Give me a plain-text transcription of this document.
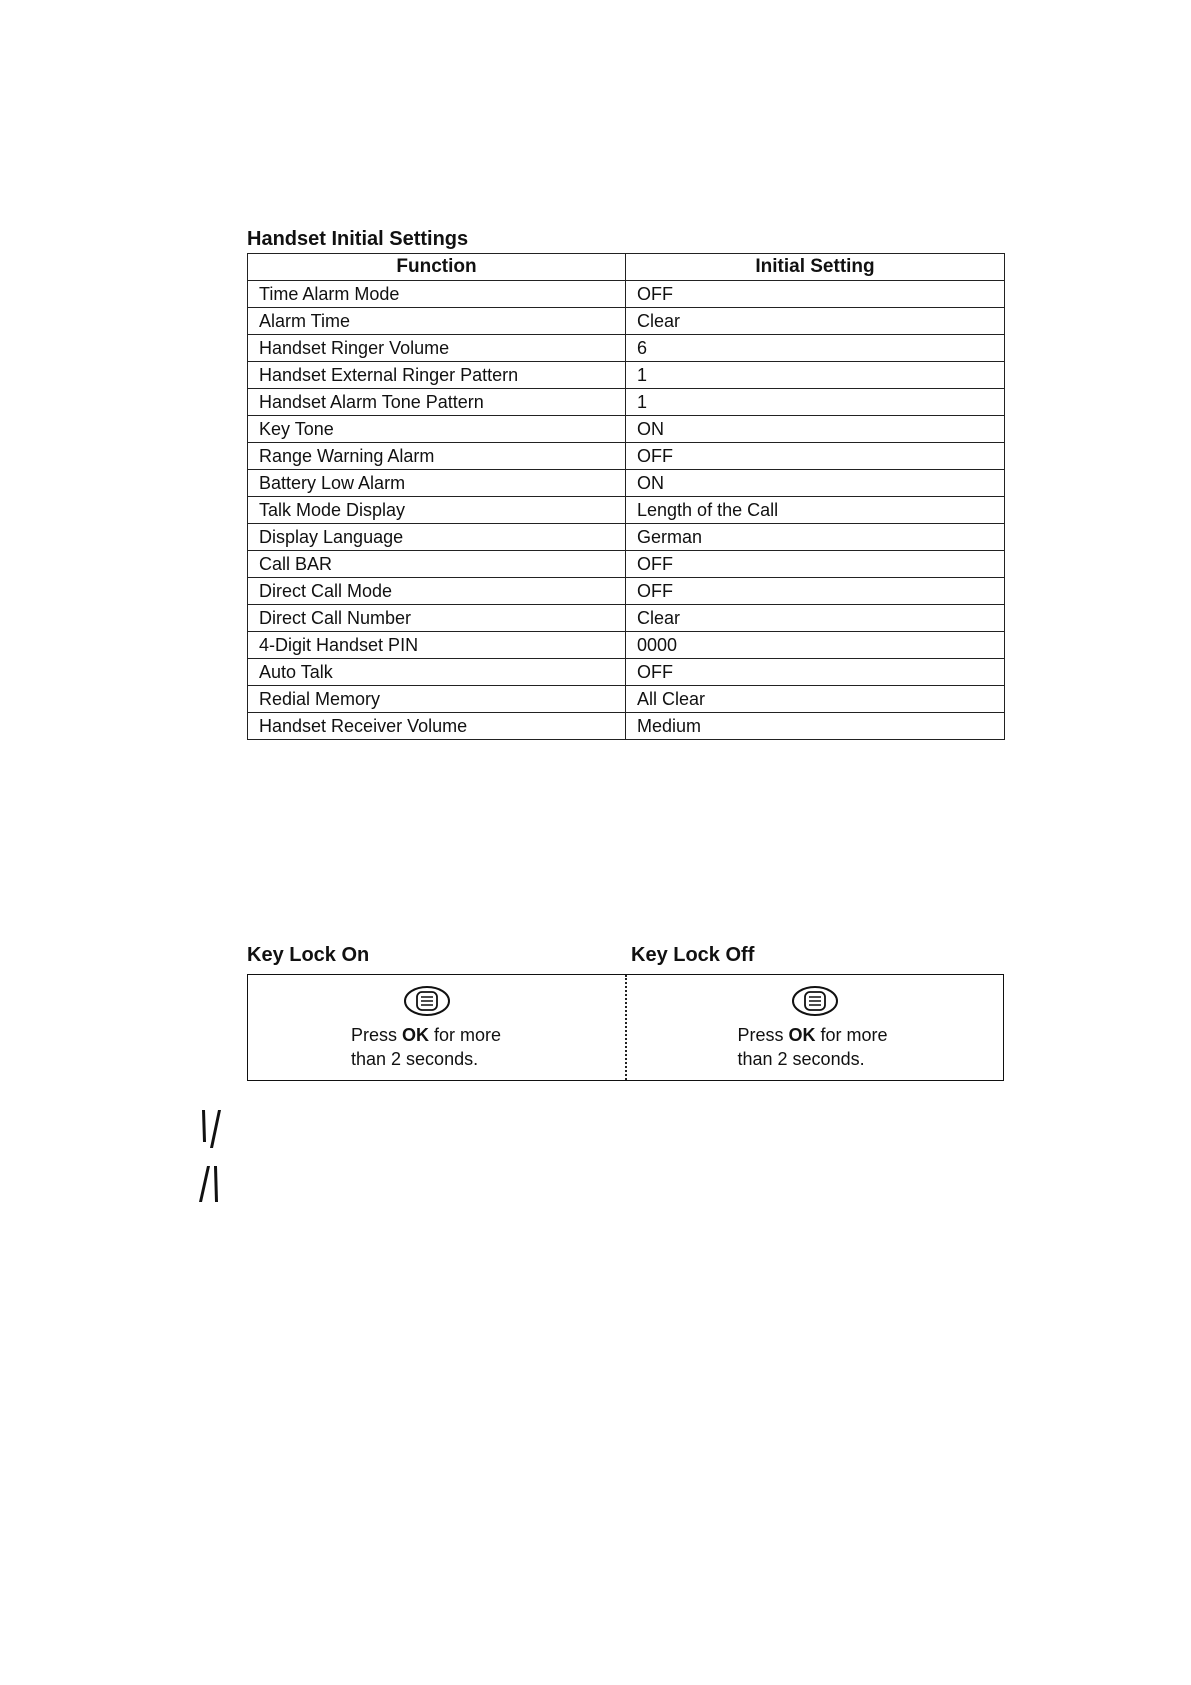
Handset Initial Settings
Function	Initial Setting
Time Alarm Mode	OFF
Alarm Time	Clear
Handset Ringer Volume	6
Handset External Ringer Pattern	1
Handset Alarm Tone Pattern	1
Key Tone	ON
Range Warning Alarm	OFF
Battery Low Alarm	ON
Talk Mode Display	Length of the Call
Display Language	German
Call BAR	OFF
Direct Call Mode	OFF
Direct Call Number	Clear
4-Digit Handset PIN	0000
Auto Talk	OFF
Redial Memory	All Clear
Handset Receiver Volume	Medium
Key Lock On	Key Lock Off
Press OK for more
than 2 seconds.
Press OK for more
than 2 seconds.
